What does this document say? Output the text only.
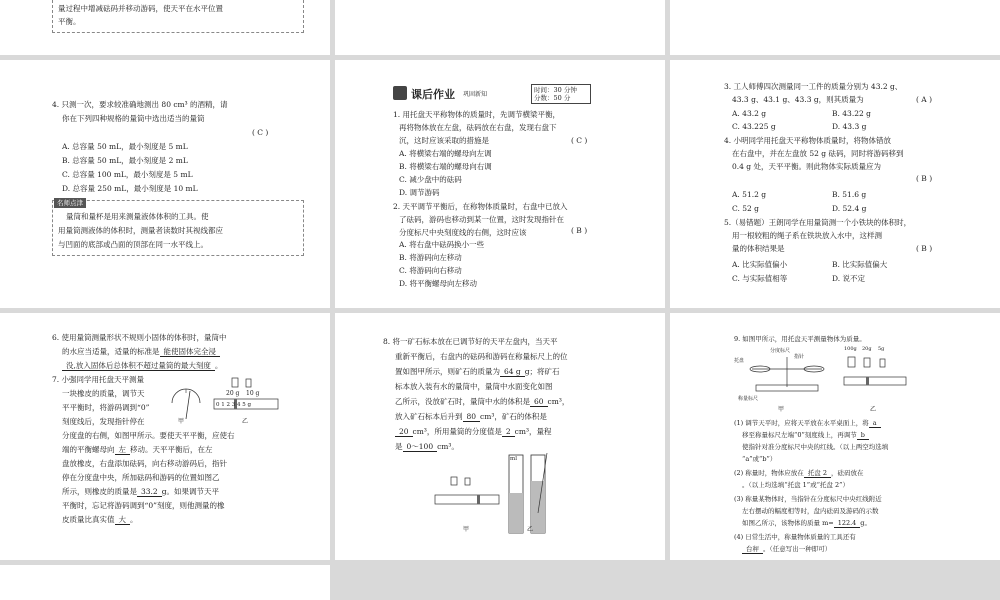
量过程中增减砝码并移动游码，使天平在水平位置
平衡。
4. 只测一次，要求较准确地测出 80 cm³ 的酒精，请
你在下列四种规格的量筒中选出适当的量筒
( C )
A. 总容量 50 mL，最小刻度是 5 mL
B. 总容量 50 mL，最小刻度是 2 mL
C. 总容量 100 mL，最小刻度是 5 mL
D. 总容量 250 mL，最小刻度是 10 mL
名师点津
量筒和量杯是用来测量液体体积的工具。使
用量筒测液体的体积时，测量者读数时其视线都应
与凹面的底部或凸面的顶部在同一水平线上。
课后作业 巩固新知
时间：30 分钟
分数：50 分
1. 用托盘天平称物体的质量时，先调节横梁平衡，
再将物体放在左盘，砝码放在右盘，发现右盘下
沉，这时应该采取的措施是	( C )
A. 将横梁右端的螺母向左调
B. 将横梁右端的螺母向右调
C. 减少盘中的砝码
D. 调节游码
2. 天平调节平衡后，在称物体质量时，右盘中已放入
了砝码，游码也移动到某一位置，这时发现指针在
分度标尺中央刻度线的右侧，这时应该	( B )
A. 将右盘中砝码换小一些
B. 将游码向左移动
C. 将游码向右移动
D. 将平衡螺母向左移动
3. 工人师傅四次测量同一工件的质量分别为 43.2 g、
43.3 g、43.1 g、43.3 g，则其质量为	( A )
A. 43.2 g	B. 43.22 g
C. 43.225 g	D. 43.3 g
4. 小明同学用托盘天平称物体质量时，将物体错放
在右盘中，并在左盘放 52 g 砝码，同时将游码移到
0.4 g 处，天平平衡。则此物体实际质量应为
( B )
A. 51.2 g	B. 51.6 g
C. 52 g	D. 52.4 g
5.（易错题）王朗同学在用量筒测一个小铁块的体积时，
用一根较粗的绳子系在铁块放入水中，这样测
量的体积结果是	( B )
A. 比实际值偏小	B. 比实际值偏大
C. 与实际值相等	D. 说不定
6. 使用量筒测量形状不规则小固体的体积时，量筒中
的水应当适量，适量的标准是 能使固体完全浸
没,放入固体后总体积不超过量筒的最大刻度 。
7. 小强同学用托盘天平测量
一块橡皮的质量，调节天
平平衡时，将游码调到“0”
刻度线后，发现指针停在
分度盘的右侧，如图甲所示。要使天平平衡，应使右
端的平衡螺母向 左 移动。天平平衡后，在左
盘放橡皮，右盘添加砝码，向右移动游码后，指针
停在分度盘中央，所加砝码和游码的位置如图乙
所示，则橡皮的质量是 33.2 g。如果调节天平
平衡时，忘记将游码调到“0”刻度，则他测量的橡
皮质量比真实值 大 。
甲
20 g 10 g
0 1 2 3 4 5 g
乙
8. 将一矿石标本放在已调节好的天平左盘内，当天平
重新平衡后，右盘内的砝码和游码在称量标尺上的位
置如图甲所示，则矿石的质量为 64 g g；将矿石
标本放入装有水的量筒中，量筒中水面变化如图
乙所示，没放矿石时，量筒中水的体积是 60 cm³，
放入矿石标本后升到 80 cm³，矿石的体积是
20 cm³，所用量筒的分度值是 2 cm³，量程
是 0～100 cm³。
甲
ml
乙
9. 如图甲所示，用托盘天平测量物体为质量。
托盘
分度标尺
指针
称量标尺
甲
100g 20g 5g
乙
(1) 调节天平时，应将天平放在水平桌面上，将 a
移至称量标尺左端“0”刻度线上，再调节 b
使指针对准分度标尺中央的红线。（以上两空均选填
“a”或“b”）
(2) 称量时，物体应放在 托盘 2 ，砝码放在
。（以上均选填“托盘 1”或“托盘 2”）
(3) 称量某物体时，当指针在分度标尺中央红线附近
左右摆动的幅度相等时，盘内砝码及游码的示数
如图乙所示，该物体的质量 m= 122.4 g。
(4) 日常生活中，称量物体质量的工具还有
台秤 。（任意写出一种即可）
